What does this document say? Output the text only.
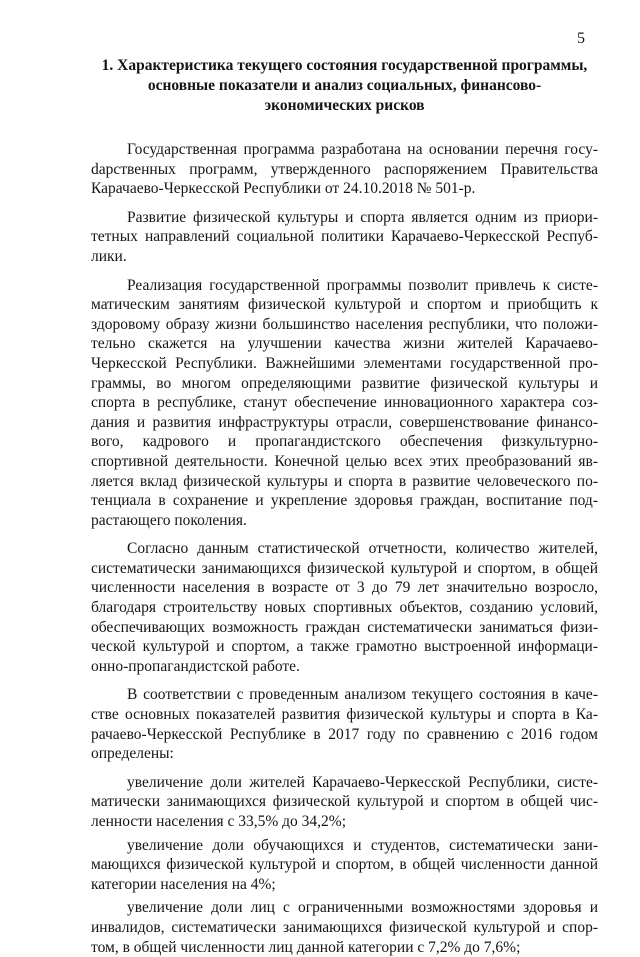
5
1. Характеристика текущего состояния государственной программы, основные показатели и анализ социальных, финансово-экономических рисков

Государственная программа разработана на основании перечня госуdарственных программ, утвержденного распоряжением Правительства Карачаево-Черкесской Республики от 24.10.2018 № 501-р.

Развитие физической культуры и спорта является одним из приоритетных направлений социальной политики Карачаево-Черкесской Республики.

Реализация государственной программы позволит привлечь к систематическим занятиям физической культурой и спортом и приобщить к здоровому образу жизни большинство населения республики, что положительно скажется на улучшении качества жизни жителей Карачаево-Черкесской Республики. Важнейшими элементами государственной программы, во многом определяющими развитие физической культуры и спорта в республике, станут обеспечение инновационного характера создания и развития инфраструктуры отрасли, совершенствование финансового, кадрового и пропагандистского обеспечения физкультурно-спортивной деятельности. Конечной целью всех этих преобразований является вклад физической культуры и спорта в развитие человеческого потенциала в сохранение и укрепление здоровья граждан, воспитание подрастающего поколения.

Согласно данным статистической отчетности, количество жителей, систематически занимающихся физической культурой и спортом, в общей численности населения в возрасте от 3 до 79 лет значительно возросло, благодаря строительству новых спортивных объектов, созданию условий, обеспечивающих возможность граждан систематически заниматься физической культурой и спортом, а также грамотно выстроенной информационно-пропагандистской работе.

В соответствии с проведенным анализом текущего состояния в качестве основных показателей развития физической культуры и спорта в Карачаево-Черкесской Республике в 2017 году по сравнению с 2016 годом определены:

увеличение доли жителей Карачаево-Черкесской Республики, систематически занимающихся физической культурой и спортом в общей численности населения с 33,5% до 34,2%;

увеличение доли обучающихся и студентов, систематически занимающихся физической культурой и спортом, в общей численности данной категории населения на 4%;

увеличение доли лиц с ограниченными возможностями здоровья и инвалидов, систематически занимающихся физической культурой и спортом, в общей численности лиц данной категории с 7,2% до 7,6%;
